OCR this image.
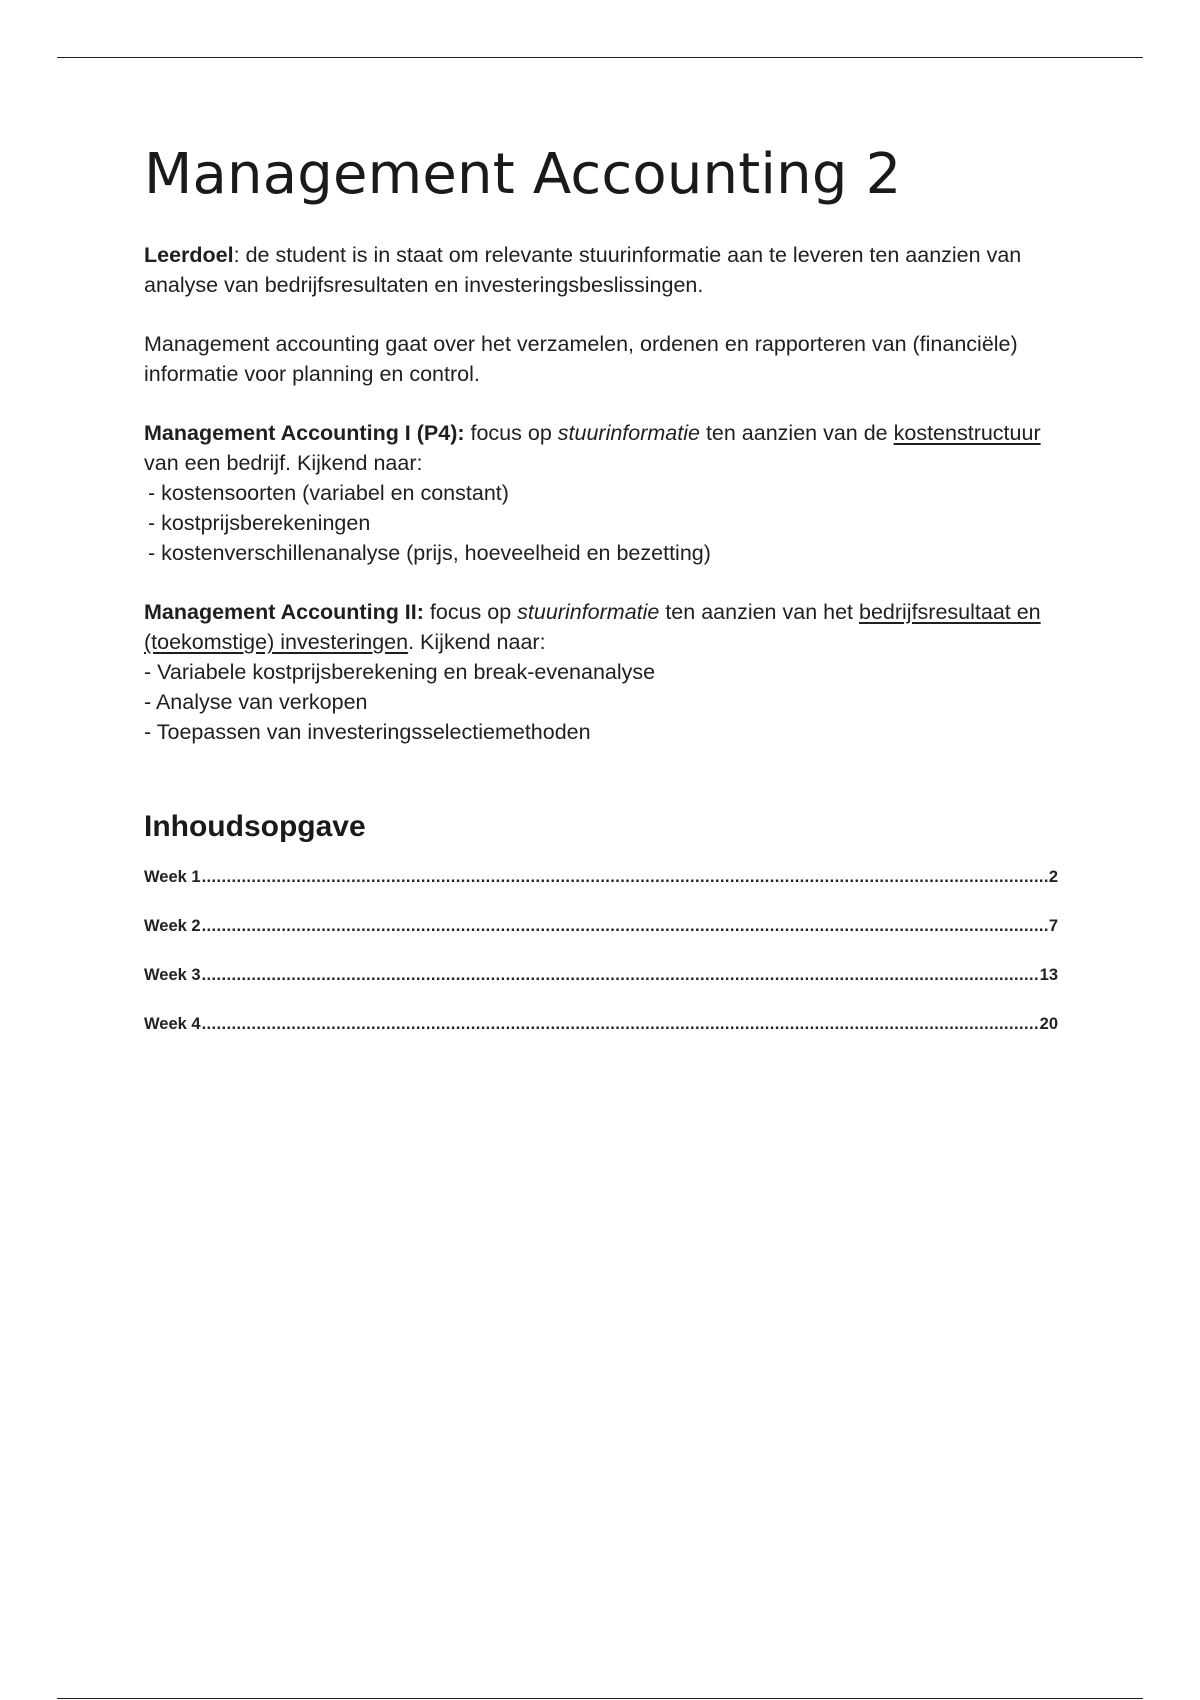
Management Accounting 2

Leerdoel: de student is in staat om relevante stuurinformatie aan te leveren ten aanzien van analyse van bedrijfsresultaten en investeringsbeslissingen.

Management accounting gaat over het verzamelen, ordenen en rapporteren van (financiële) informatie voor planning en control.

Management Accounting I (P4): focus op stuurinformatie ten aanzien van de kostenstructuur van een bedrijf. Kijkend naar:
- kostensoorten (variabel en constant)
- kostprijsberekeningen
- kostenverschillenanalyse (prijs, hoeveelheid en bezetting)

Management Accounting II: focus op stuurinformatie ten aanzien van het bedrijfsresultaat en (toekomstige) investeringen. Kijkend naar:
- Variabele kostprijsberekening en break-evenanalyse
- Analyse van verkopen
- Toepassen van investeringsselectiemethoden

Inhoudsopgave
Week 1 .....	2
Week 2 .....	7
Week 3 .....	13
Week 4 .....	20
